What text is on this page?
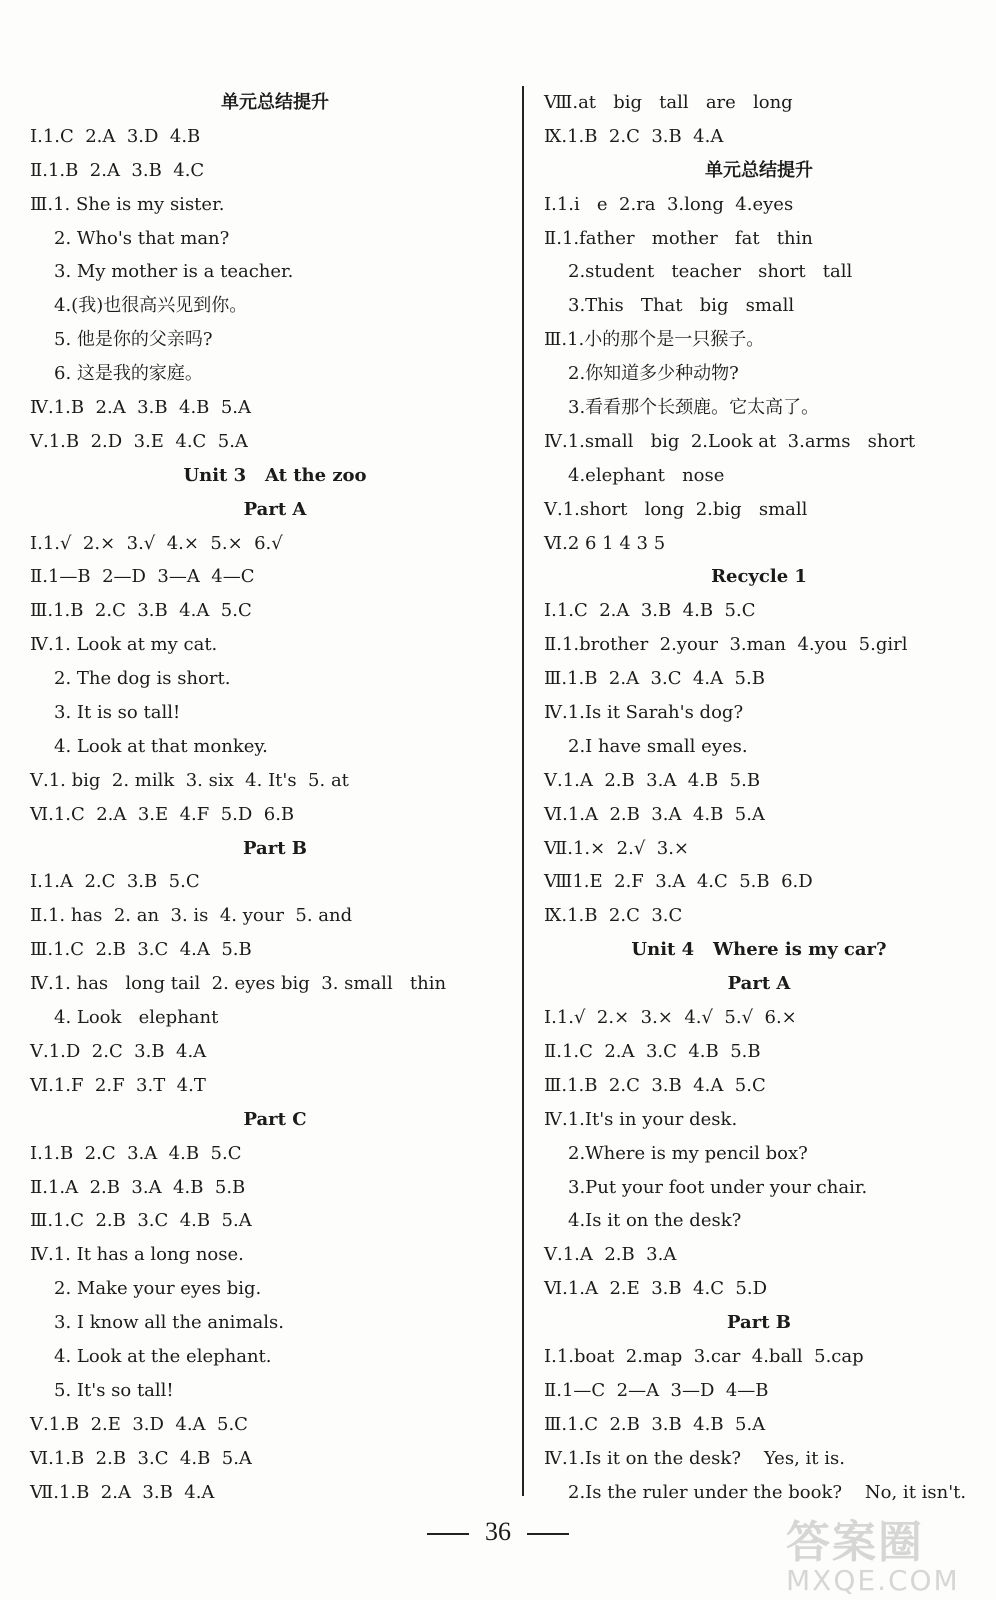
单元总结提升
Ⅰ.1.C  2.A  3.D  4.B
Ⅱ.1.B  2.A  3.B  4.C
Ⅲ.1. She is my sister.
2. Who's that man?
3. My mother is a teacher.
4.(我)也很高兴见到你。
5. 他是你的父亲吗?
6. 这是我的家庭。
Ⅳ.1.B  2.A  3.B  4.B  5.A
Ⅴ.1.B  2.D  3.E  4.C  5.A
Unit 3   At the zoo
Part A
Ⅰ.1.√  2.×  3.√  4.×  5.×  6.√
Ⅱ.1—B  2—D  3—A  4—C
Ⅲ.1.B  2.C  3.B  4.A  5.C
Ⅳ.1. Look at my cat.
2. The dog is short.
3. It is so tall!
4. Look at that monkey.
Ⅴ.1. big  2. milk  3. six  4. It's  5. at
Ⅵ.1.C  2.A  3.E  4.F  5.D  6.B
Part B
Ⅰ.1.A  2.C  3.B  5.C
Ⅱ.1. has  2. an  3. is  4. your  5. and
Ⅲ.1.C  2.B  3.C  4.A  5.B
Ⅳ.1. has   long tail  2. eyes big  3. small   thin
4. Look   elephant
Ⅴ.1.D  2.C  3.B  4.A
Ⅵ.1.F  2.F  3.T  4.T
Part C
Ⅰ.1.B  2.C  3.A  4.B  5.C
Ⅱ.1.A  2.B  3.A  4.B  5.B
Ⅲ.1.C  2.B  3.C  4.B  5.A
Ⅳ.1. It has a long nose.
2. Make your eyes big.
3. I know all the animals.
4. Look at the elephant.
5. It's so tall!
Ⅴ.1.B  2.E  3.D  4.A  5.C
Ⅵ.1.B  2.B  3.C  4.B  5.A
Ⅶ.1.B  2.A  3.B  4.A
Ⅷ.at   big   tall   are   long
Ⅸ.1.B  2.C  3.B  4.A
单元总结提升
Ⅰ.1.i   e  2.ra  3.long  4.eyes
Ⅱ.1.father   mother   fat   thin
2.student   teacher   short   tall
3.This   That   big   small
Ⅲ.1.小的那个是一只猴子。
2.你知道多少种动物?
3.看看那个长颈鹿。它太高了。
Ⅳ.1.small   big  2.Look at  3.arms   short
4.elephant   nose
Ⅴ.1.short   long  2.big   small
Ⅵ.2 6 1 4 3 5
Recycle 1
Ⅰ.1.C  2.A  3.B  4.B  5.C
Ⅱ.1.brother  2.your  3.man  4.you  5.girl
Ⅲ.1.B  2.A  3.C  4.A  5.B
Ⅳ.1.Is it Sarah's dog?
2.I have small eyes.
Ⅴ.1.A  2.B  3.A  4.B  5.B
Ⅵ.1.A  2.B  3.A  4.B  5.A
Ⅶ.1.×  2.√  3.×
Ⅷ1.E  2.F  3.A  4.C  5.B  6.D
Ⅸ.1.B  2.C  3.C
Unit 4   Where is my car?
Part A
Ⅰ.1.√  2.×  3.×  4.√  5.√  6.×
Ⅱ.1.C  2.A  3.C  4.B  5.B
Ⅲ.1.B  2.C  3.B  4.A  5.C
Ⅳ.1.It's in your desk.
2.Where is my pencil box?
3.Put your foot under your chair.
4.Is it on the desk?
Ⅴ.1.A  2.B  3.A
Ⅵ.1.A  2.E  3.B  4.C  5.D
Part B
Ⅰ.1.boat  2.map  3.car  4.ball  5.cap
Ⅱ.1—C  2—A  3—D  4—B
Ⅲ.1.C  2.B  3.B  4.B  5.A
Ⅳ.1.Is it on the desk?    Yes, it is.
2.Is the ruler under the book?    No, it isn't.
36	答案圈
MXQE.COM
